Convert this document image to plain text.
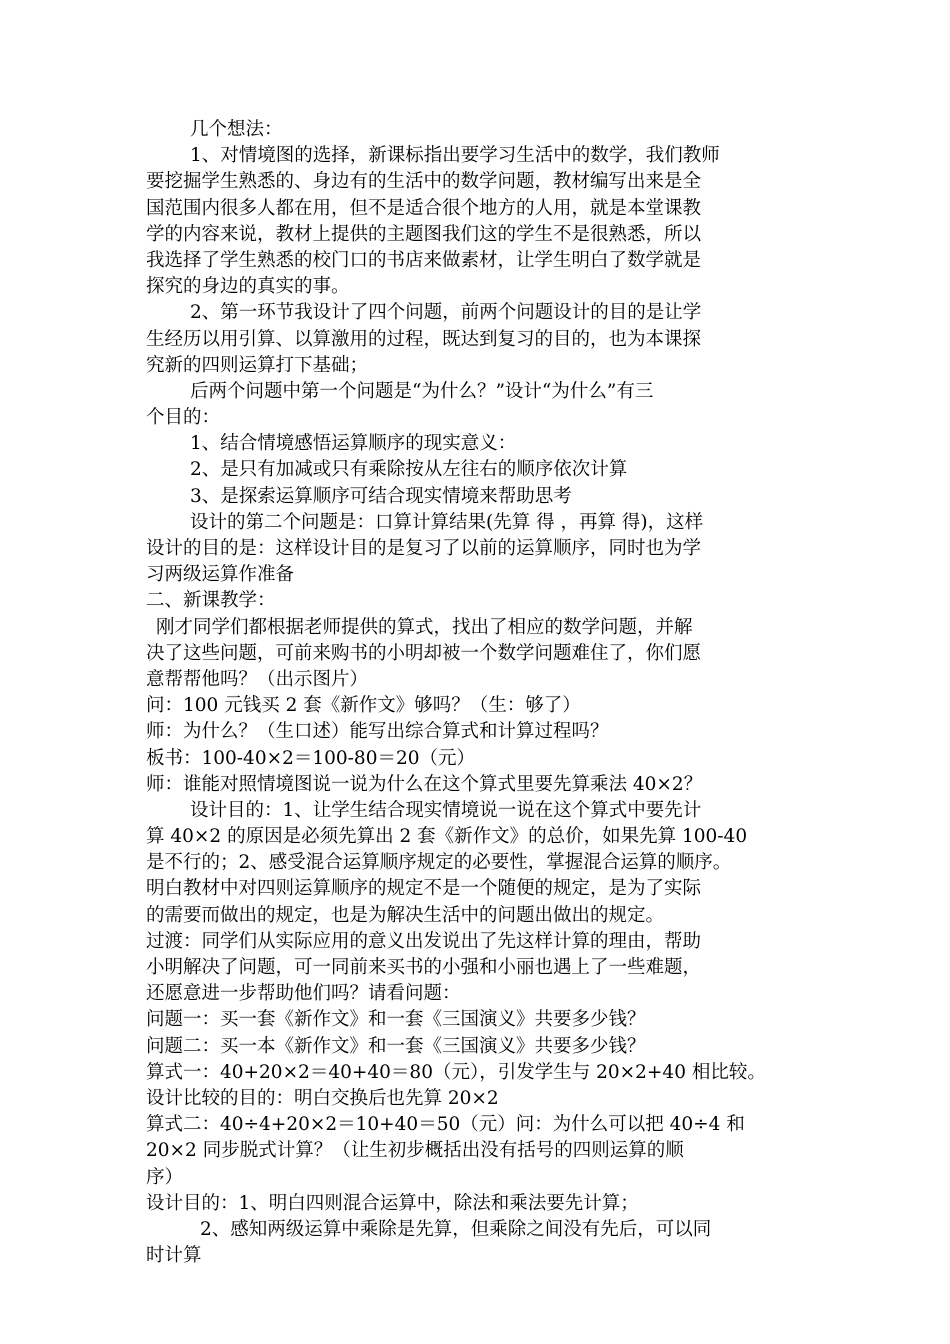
几个想法：
1、对情境图的选择，新课标指出要学习生活中的数学，我们教师
要挖掘学生熟悉的、身边有的生活中的数学问题，教材编写出来是全
国范围内很多人都在用，但不是适合很个地方的人用，就是本堂课教
学的内容来说，教材上提供的主题图我们这的学生不是很熟悉，所以
我选择了学生熟悉的校门口的书店来做素材，让学生明白了数学就是
探究的身边的真实的事。
2、第一环节我设计了四个问题，前两个问题设计的目的是让学
生经历以用引算、以算激用的过程，既达到复习的目的，也为本课探
究新的四则运算打下基础；
后两个问题中第一个问题是“为什么？”设计“为什么”有三
个目的：
1、结合情境感悟运算顺序的现实意义：
2、是只有加减或只有乘除按从左往右的顺序依次计算
3、是探索运算顺序可结合现实情境来帮助思考
设计的第二个问题是：口算计算结果(先算 得 ，再算 得)，这样
设计的目的是：这样设计目的是复习了以前的运算顺序，同时也为学
习两级运算作准备
二、新课教学：
刚才同学们都根据老师提供的算式，找出了相应的数学问题，并解
决了这些问题，可前来购书的小明却被一个数学问题难住了，你们愿
意帮帮他吗？（出示图片）
问：100 元钱买 2 套《新作文》够吗？（生：够了）
师：为什么？（生口述）能写出综合算式和计算过程吗？
板书：100-40×2＝100-80＝20（元）
师：谁能对照情境图说一说为什么在这个算式里要先算乘法 40×2？
设计目的：1、让学生结合现实情境说一说在这个算式中要先计
算 40×2 的原因是必须先算出 2 套《新作文》的总价，如果先算 100-40
是不行的；2、感受混合运算顺序规定的必要性，掌握混合运算的顺序。
明白教材中对四则运算顺序的规定不是一个随便的规定，是为了实际
的需要而做出的规定，也是为解决生活中的问题出做出的规定。
过渡：同学们从实际应用的意义出发说出了先这样计算的理由，帮助
小明解决了问题，可一同前来买书的小强和小丽也遇上了一些难题，
还愿意进一步帮助他们吗？请看问题：
问题一：买一套《新作文》和一套《三国演义》共要多少钱？
问题二：买一本《新作文》和一套《三国演义》共要多少钱？
算式一：40+20×2＝40+40＝80（元），引发学生与 20×2+40 相比较。
设计比较的目的：明白交换后也先算 20×2
算式二：40÷4+20×2＝10+40＝50（元）问：为什么可以把 40÷4 和
20×2 同步脱式计算？（让生初步概括出没有括号的四则运算的顺
序）
设计目的：1、明白四则混合运算中，除法和乘法要先计算；
2、感知两级运算中乘除是先算，但乘除之间没有先后，可以同
时计算
